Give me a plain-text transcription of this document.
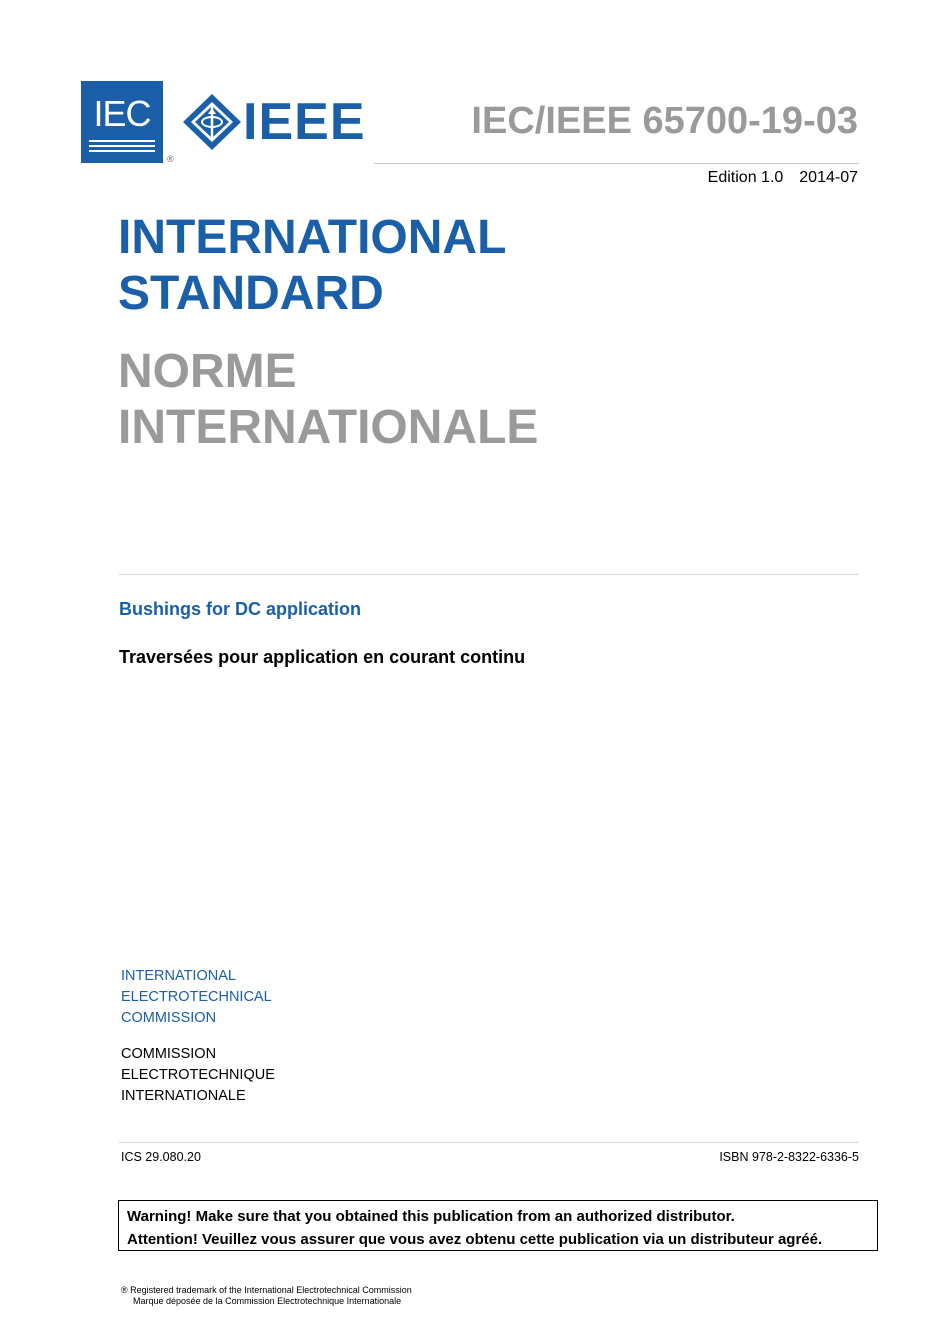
IEC
®
IEEE	IEC/IEEE 65700-19-03
Edition 1.0 2014-07
INTERNATIONAL
STANDARD
NORME
INTERNATIONALE
Bushings for DC application
Traversées pour application en courant continu
INTERNATIONAL
ELECTROTECHNICAL
COMMISSION
COMMISSION
ELECTROTECHNIQUE
INTERNATIONALE
ICS 29.080.20	ISBN 978-2-8322-6336-5
Warning! Make sure that you obtained this publication from an authorized distributor.
Attention! Veuillez vous assurer que vous avez obtenu cette publication via un distributeur agréé.
® Registered trademark of the International Electrotechnical Commission
Marque déposée de la Commission Electrotechnique Internationale
